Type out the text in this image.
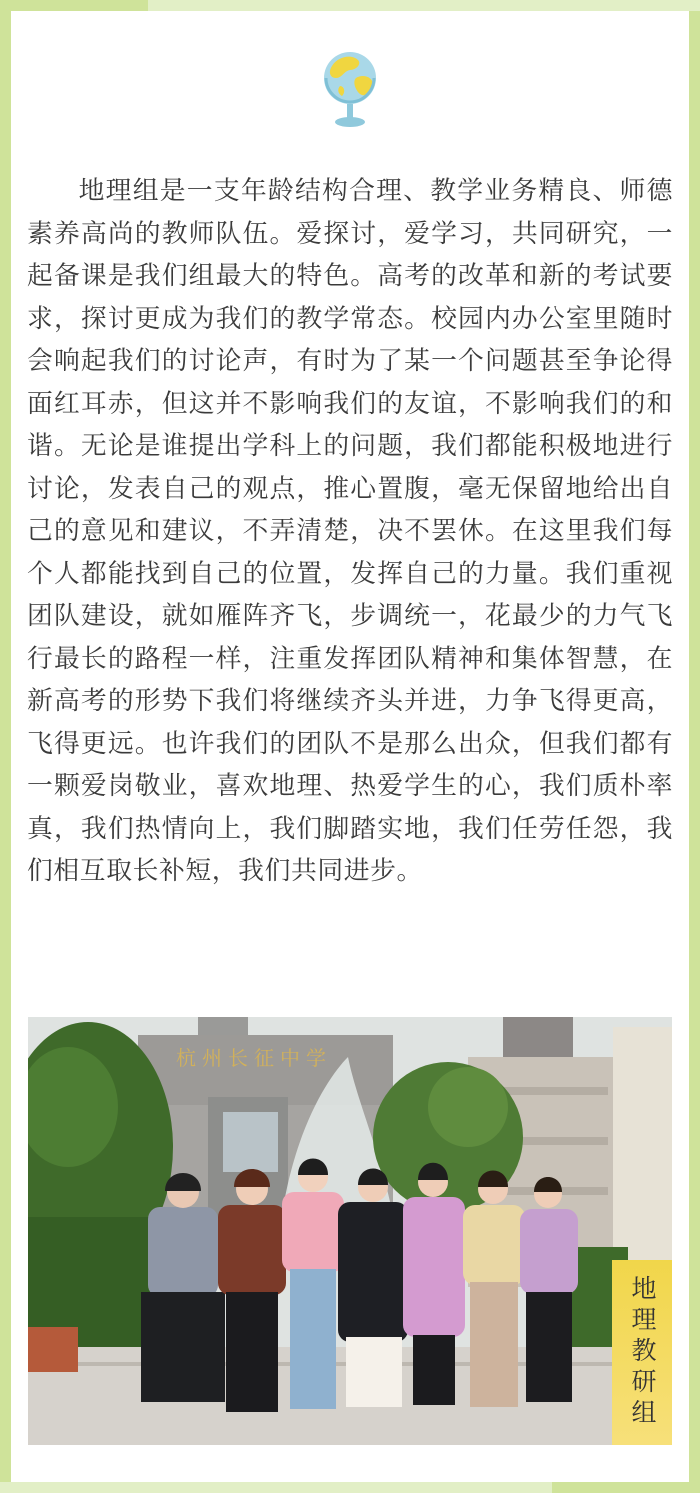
地理组是一支年龄结构合理、教学业务精良、师德素养高尚的教师队伍。爱探讨，爱学习，共同研究，一起备课是我们组最大的特色。高考的改革和新的考试要求，探讨更成为我们的教学常态。校园内办公室里随时会响起我们的讨论声，有时为了某一个问题甚至争论得面红耳赤，但这并不影响我们的友谊，不影响我们的和谐。无论是谁提出学科上的问题，我们都能积极地进行讨论，发表自己的观点，推心置腹，毫无保留地给出自己的意见和建议，不弄清楚，决不罢休。在这里我们每个人都能找到自己的位置，发挥自己的力量。我们重视团队建设，就如雁阵齐飞，步调统一，花最少的力气飞行最长的路程一样，注重发挥团队精神和集体智慧，在新高考的形势下我们将继续齐头并进，力争飞得更高，飞得更远。也许我们的团队不是那么出众，但我们都有一颗爱岗敬业，喜欢地理、热爱学生的心，我们质朴率真，我们热情向上，我们脚踏实地，我们任劳任怨，我们相互取长补短，我们共同进步。

杭州长征中学
地理教研组
